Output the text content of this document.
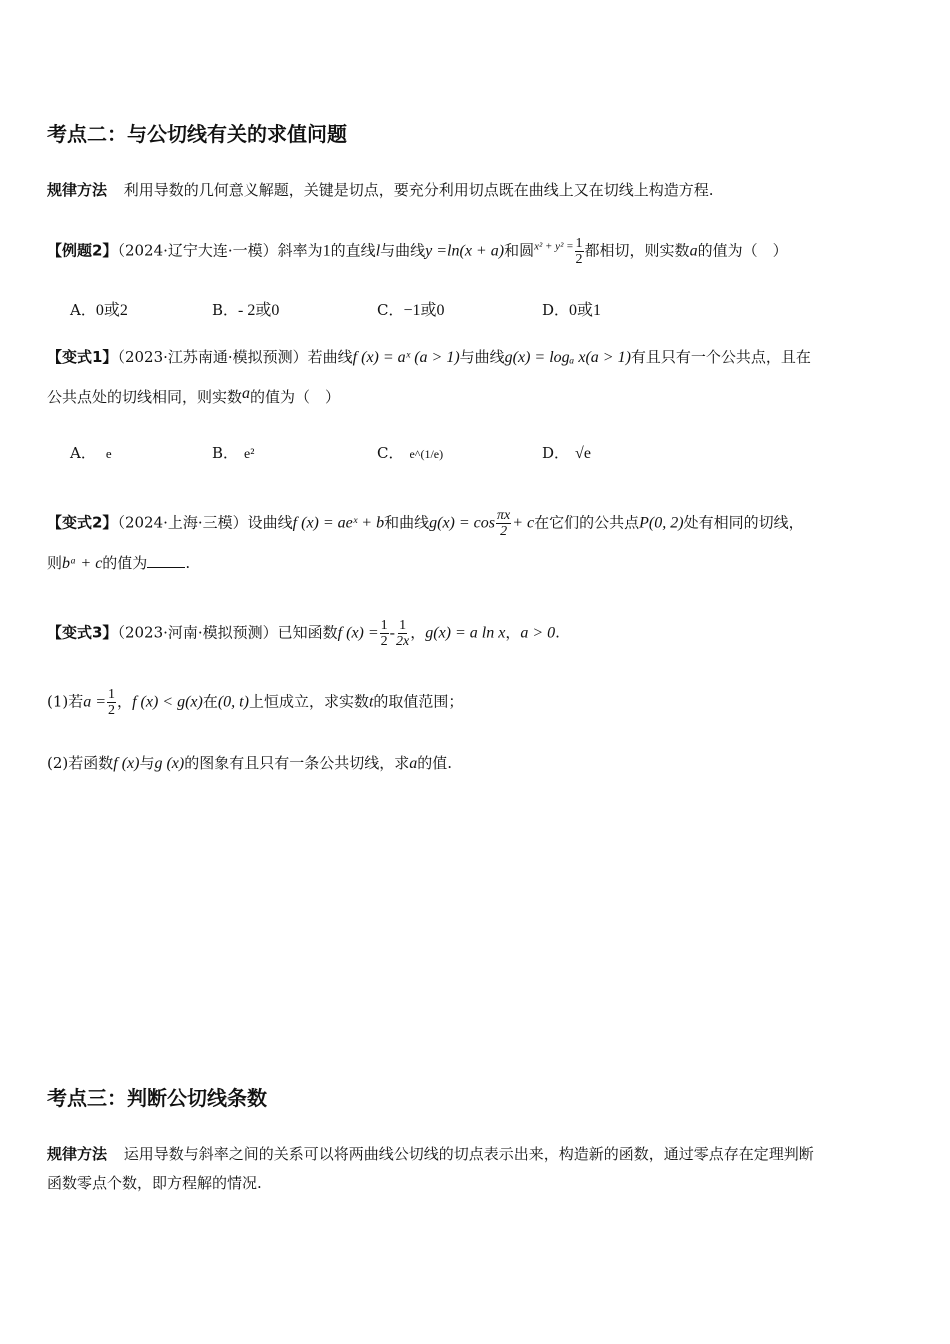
考点二：与公切线有关的求值问题
规律方法 利用导数的几何意义解题，关键是切点，要充分利用切点既在曲线上又在切线上构造方程.
【例题2】（2024·辽宁大连·一模）斜率为1的直线l与曲线y =ln(x + a)和圆$^{x^2 + y^2 =} \frac{1}{2}$ 都相切，则实数a的值为（　）
A．0或2	B．- 2或0	C．−1或0	D．0或1
【变式1】（2023·江苏南通·模拟预测）若曲线f (x) = aˣ (a > 1)与曲线g(x) = logₐ x(a > 1)有且只有一个公共点，且在
公共点处的切线相同，则实数a的值为（　）
A． e	B． e²	C． e^(1/e)	D． √e
【变式2】（2024·上海·三模）设曲线f (x) = aeˣ + b和曲线$g(x) = \cos \frac{\pi x}{2} + c$在它们的公共点P(0, 2)处有相同的切线，
则bᵃ + c的值为	.
【变式3】（2023·河南·模拟预测）已知函数f $(x) = \frac{1}{2} - \frac{1}{2x}$ ，g(x) = a ln x，a > 0.
(1)若$a = \frac{1}{2}$ ，f (x) < g(x)在(0, t)上恒成立，求实数t的取值范围；
(2)若函数f (x)与g (x)的图象有且只有一条公共切线，求a的值.
考点三：判断公切线条数
规律方法 运用导数与斜率之间的关系可以将两曲线公切线的切点表示出来，构造新的函数，通过零点存在定理判断
函数零点个数，即方程解的情况.
